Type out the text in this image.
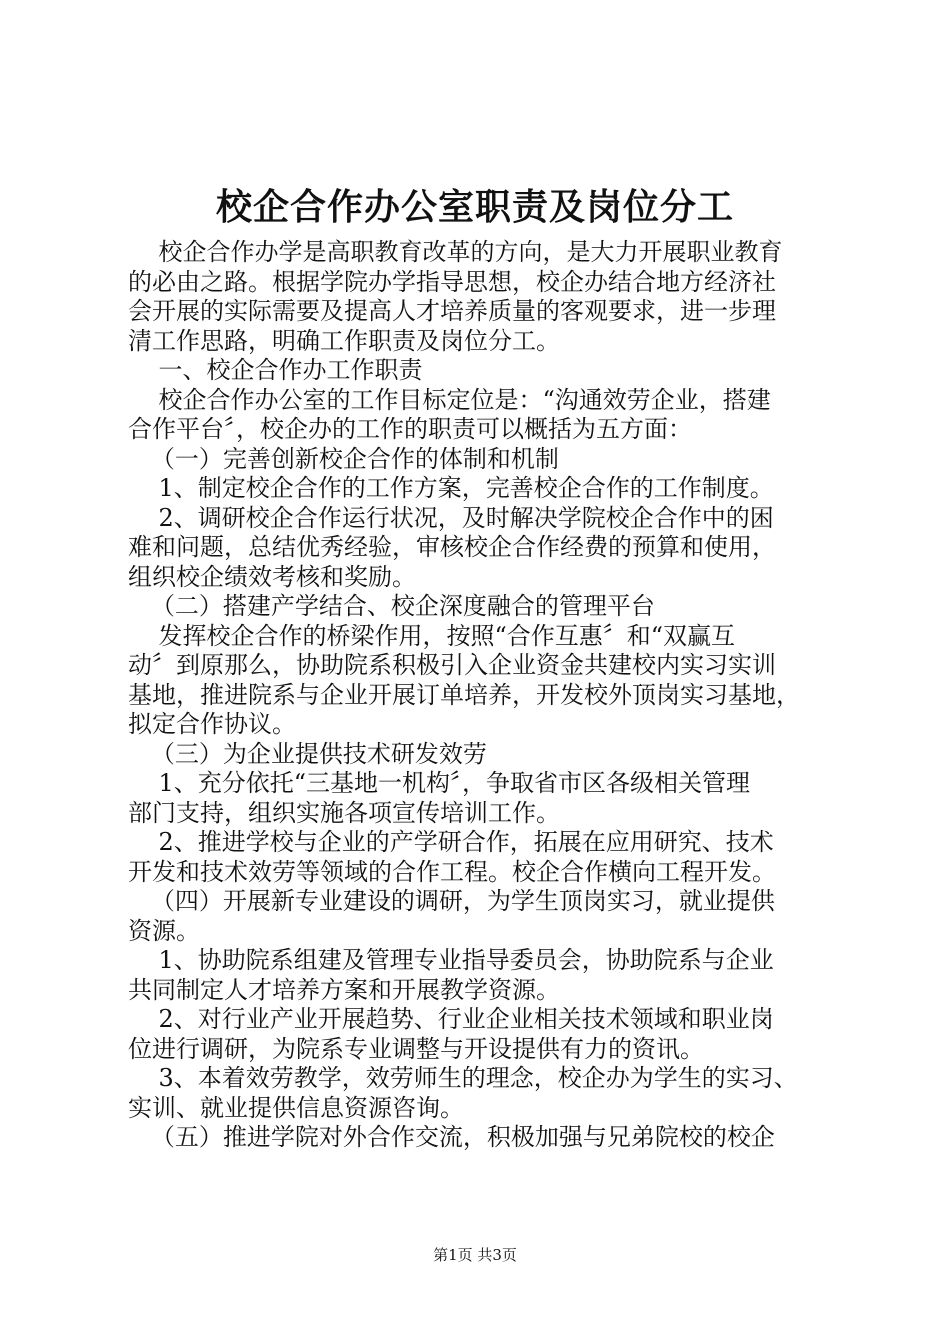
校企合作办公室职责及岗位分工
校企合作办学是高职教育改革的方向，是大力开展职业教育
的必由之路。根据学院办学指导思想，校企办结合地方经济社
会开展的实际需要及提高人才培养质量的客观要求，进一步理
清工作思路，明确工作职责及岗位分工。
一、校企合作办工作职责
校企合作办公室的工作目标定位是：“沟通效劳企业，搭建
合作平台〞，校企办的工作的职责可以概括为五方面：
（一）完善创新校企合作的体制和机制
1、制定校企合作的工作方案，完善校企合作的工作制度。
2、调研校企合作运行状况，及时解决学院校企合作中的困
难和问题，总结优秀经验，审核校企合作经费的预算和使用，
组织校企绩效考核和奖励。
（二）搭建产学结合、校企深度融合的管理平台
发挥校企合作的桥梁作用，按照“合作互惠〞和“双赢互
动〞到原那么，协助院系积极引入企业资金共建校内实习实训
基地，推进院系与企业开展订单培养，开发校外顶岗实习基地，
拟定合作协议。
（三）为企业提供技术研发效劳
1、充分依托“三基地一机构〞，争取省市区各级相关管理
部门支持，组织实施各项宣传培训工作。
2、推进学校与企业的产学研合作，拓展在应用研究、技术
开发和技术效劳等领域的合作工程。校企合作横向工程开发。
（四）开展新专业建设的调研，为学生顶岗实习，就业提供
资源。
1、协助院系组建及管理专业指导委员会，协助院系与企业
共同制定人才培养方案和开展教学资源。
2、对行业产业开展趋势、行业企业相关技术领域和职业岗
位进行调研，为院系专业调整与开设提供有力的资讯。
3、本着效劳教学，效劳师生的理念，校企办为学生的实习、
实训、就业提供信息资源咨询。
（五）推进学院对外合作交流，积极加强与兄弟院校的校企
第1页 共3页
